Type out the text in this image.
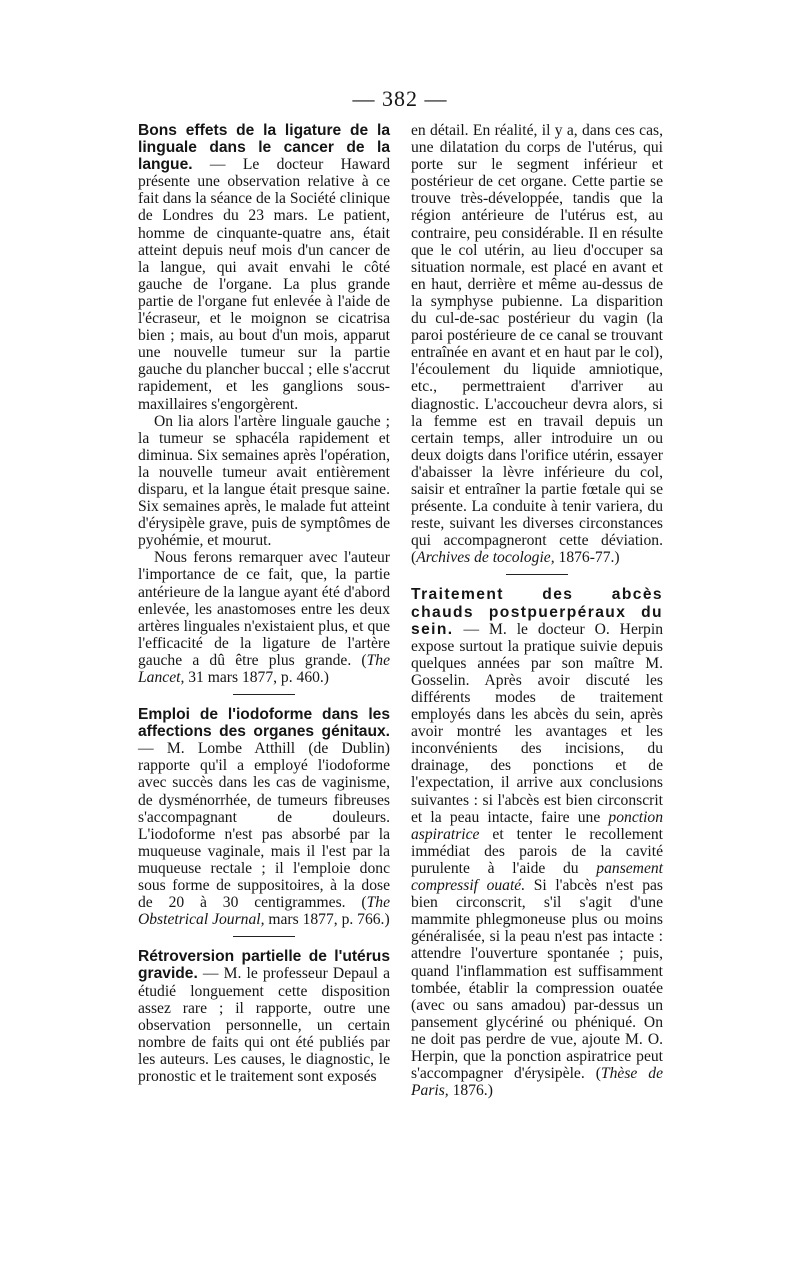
— 382 —

Bons effets de la ligature de la linguale dans le cancer de la langue. — Le docteur Haward présente une observation relative à ce fait dans la séance de la Société clinique de Londres du 23 mars. Le patient, homme de cinquante-quatre ans, était atteint depuis neuf mois d'un cancer de la langue, qui avait envahi le côté gauche de l'organe. La plus grande partie de l'organe fut enlevée à l'aide de l'écraseur, et le moignon se cicatrisa bien ; mais, au bout d'un mois, apparut une nouvelle tumeur sur la partie gauche du plancher buccal ; elle s'accrut rapidement, et les ganglions sous-maxillaires s'engorgèrent.

On lia alors l'artère linguale gauche ; la tumeur se sphacéla rapidement et diminua. Six semaines après l'opération, la nouvelle tumeur avait entièrement disparu, et la langue était presque saine. Six semaines après, le malade fut atteint d'érysipèle grave, puis de symptômes de pyohémie, et mourut.

Nous ferons remarquer avec l'auteur l'importance de ce fait, que, la partie antérieure de la langue ayant été d'abord enlevée, les anastomoses entre les deux artères linguales n'existaient plus, et que l'efficacité de la ligature de l'artère gauche a dû être plus grande. (The Lancet, 31 mars 1877, p. 460.)

Emploi de l'iodoforme dans les affections des organes génitaux. — M. Lombe Atthill (de Dublin) rapporte qu'il a employé l'iodoforme avec succès dans les cas de vaginisme, de dysménorrhée, de tumeurs fibreuses s'accompagnant de douleurs. L'iodoforme n'est pas absorbé par la muqueuse vaginale, mais il l'est par la muqueuse rectale ; il l'emploie donc sous forme de suppositoires, à la dose de 20 à 30 centigrammes. (The Obstetrical Journal, mars 1877, p. 766.)

Rétroversion partielle de l'utérus gravide. — M. le professeur Depaul a étudié longuement cette disposition assez rare ; il rapporte, outre une observation personnelle, un certain nombre de faits qui ont été publiés par les auteurs. Les causes, le diagnostic, le pronostic et le traitement sont exposés

en détail. En réalité, il y a, dans ces cas, une dilatation du corps de l'utérus, qui porte sur le segment inférieur et postérieur de cet organe. Cette partie se trouve très-développée, tandis que la région antérieure de l'utérus est, au contraire, peu considérable. Il en résulte que le col utérin, au lieu d'occuper sa situation normale, est placé en avant et en haut, derrière et même au-dessus de la symphyse pubienne. La disparition du cul-de-sac postérieur du vagin (la paroi postérieure de ce canal se trouvant entraînée en avant et en haut par le col), l'écoulement du liquide amniotique, etc., permettraient d'arriver au diagnostic. L'accoucheur devra alors, si la femme est en travail depuis un certain temps, aller introduire un ou deux doigts dans l'orifice utérin, essayer d'abaisser la lèvre inférieure du col, saisir et entraîner la partie fœtale qui se présente. La conduite à tenir variera, du reste, suivant les diverses circonstances qui accompagneront cette déviation. (Archives de tocologie, 1876-77.)

Traitement des abcès chauds postpuerpéraux du sein. — M. le docteur O. Herpin expose surtout la pratique suivie depuis quelques années par son maître M. Gosselin. Après avoir discuté les différents modes de traitement employés dans les abcès du sein, après avoir montré les avantages et les inconvénients des incisions, du drainage, des ponctions et de l'expectation, il arrive aux conclusions suivantes : si l'abcès est bien circonscrit et la peau intacte, faire une ponction aspiratrice et tenter le recollement immédiat des parois de la cavité purulente à l'aide du pansement compressif ouaté. Si l'abcès n'est pas bien circonscrit, s'il s'agit d'une mammite phlegmoneuse plus ou moins généralisée, si la peau n'est pas intacte : attendre l'ouverture spontanée ; puis, quand l'inflammation est suffisamment tombée, établir la compression ouatée (avec ou sans amadou) par-dessus un pansement glycériné ou phéniqué. On ne doit pas perdre de vue, ajoute M. O. Herpin, que la ponction aspiratrice peut s'accompagner d'érysipèle. (Thèse de Paris, 1876.)
